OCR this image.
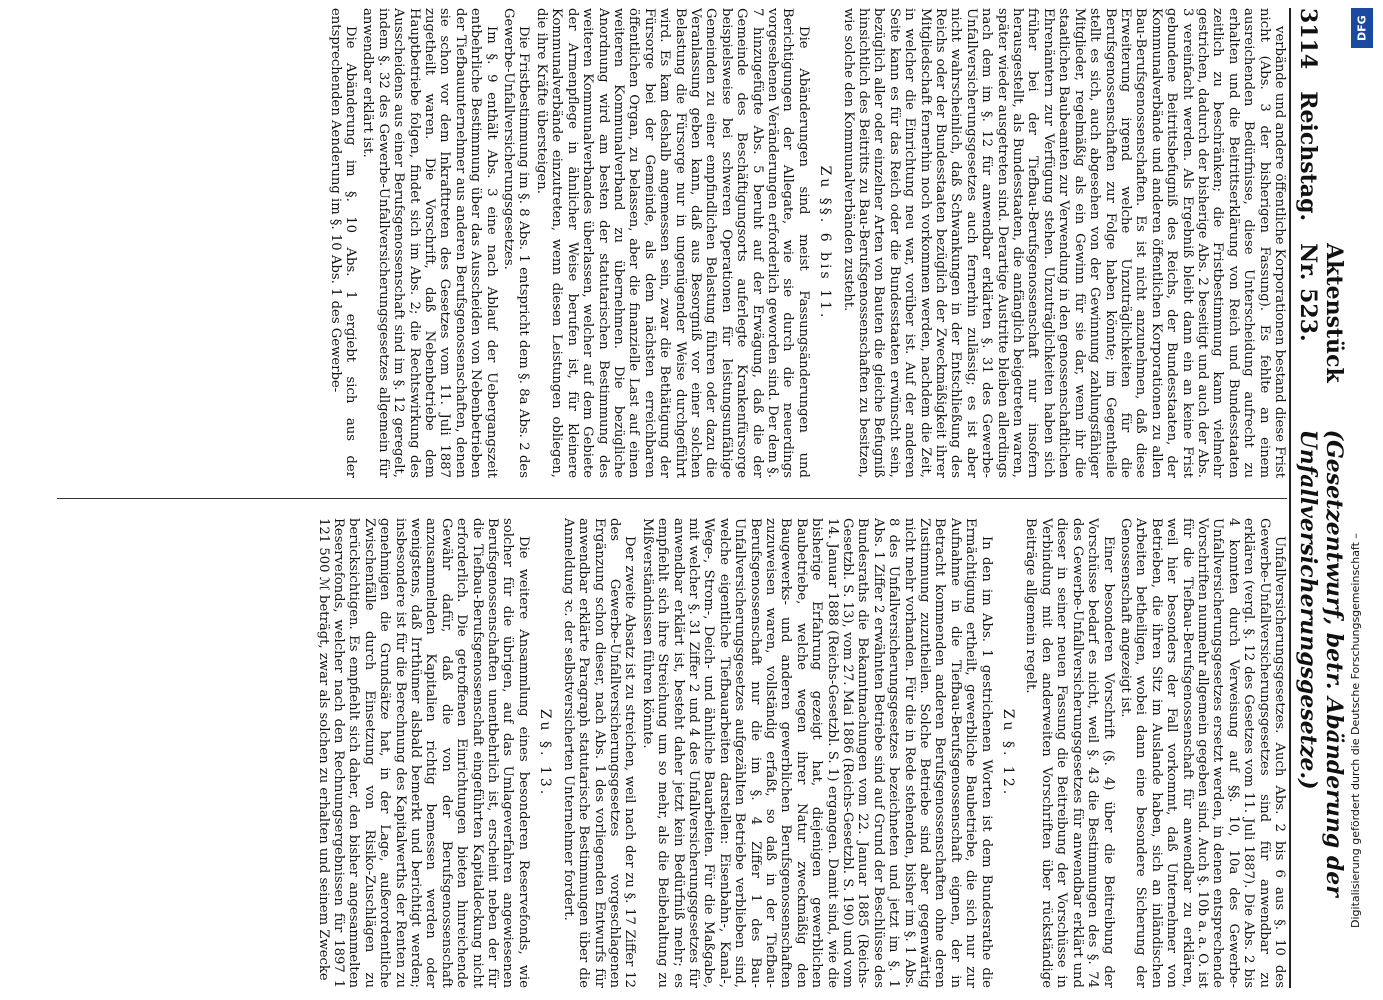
3114
Reichstag.
Aktenstück Nr. 523.
(Gesetzentwurf, betr. Abänderung der Unfallversicherungsgesetze.)

verbände und andere öffentliche Korporationen bestand diese Frist nicht (Abs. 3 der bisherigen Fassung). Es fehlte an einem ausreichenden Bedürfnisse, diese Unterscheidung aufrecht zu erhalten und die Beitrittserklärung von Reich und Bundesstaaten zeitlich zu beschränken; die Fristbestimmung kann vielmehr gestrichen, dadurch der bisherige Abs. 2 beseitigt und auch der Abs. 3 vereinfacht werden. Als Ergebniß bleibt dann ein an keine Frist gebundene Beitrittsbefugniß des Reichs, der Bundesstaaten, der Kommunalverbände und anderen öffentlichen Korporationen zu allen Bau-Berufsgenossenschaften. Es ist nicht anzunehmen, daß diese Erweiterung irgend welche Unzuträglichkeiten für die Berufsgenossenschaften zur Folge haben könnte; im Gegentheile stellt es sich, auch abgesehen von der Gewinnung zahlungsfähiger Mitglieder, regelmäßig als ein Gewinn für sie dar, wenn ihr die staatlichen Baubeamten zur Verwendung in den genossenschaftlichen Ehrenämtern zur Verfügung stehen. Unzuträglichkeiten haben sich früher bei der Tiefbau-Berufsgenossenschaft nur insofern herausgestellt, als Bundesstaaten, die anfänglich beigetreten waren, später wieder ausgetreten sind. Derartige Austritte bleiben allerdings nach dem im §. 12 für anwendbar erklärten §. 31 des Gewerbe-Unfallversicherungsgesetzes auch fernerhin zulässig; es ist aber nicht wahrscheinlich, daß Schwankungen in der Entschließung des Reichs oder der Bundesstaaten bezüglich der Zweckmäßigkeit ihrer Mitgliedschaft fernerhin noch vorkommen werden, nachdem die Zeit, in welcher die Einrichtung neu war, vorüber ist. Auf der anderen Seite kann es für das Reich oder die Bundesstaaten erwünscht sein, bezüglich aller oder einzelner Arten von Bauten die gleiche Befugniß hinsichtlich des Beitritts zu Bau-Berufsgenossenschaften zu besitzen, wie solche den Kommunalverbänden zusteht.

Zu §§. 6 bis 11.

Die Abänderungen sind meist Fassungsänderungen und Berichtigungen der Allegate, wie sie durch die neuerdings vorgesehenen Veränderungen erforderlich geworden sind. Der dem §. 7 hinzugefügte Abs. 5 beruht auf der Erwägung, daß die der Gemeinde des Beschäftigungsorts auferlegte Krankenfürsorge beispielsweise bei schweren Operationen für leistungsunfähige Gemeinden zu einer empfindlichen Belastung führen oder dazu die Veranlassung geben kann, daß aus Besorgniß vor einer solchen Belastung die Fürsorge nur in ungenügender Weise durchgeführt wird. Es kam deshalb angemessen sein, zwar die Bethätigung der Fürsorge bei der Gemeinde, als dem nächsten erreichbaren öffentlichen Organ, zu belassen, aber die finanzielle Last auf einen weiteren Kommunalverband zu übernehmen. Die bezügliche Anordnung wird am besten der statutarischen Bestimmung des weiteren Kommunalverbandes überlassen, welcher auf dem Gebiete der Armenpflege in ähnlicher Weise berufen ist, für kleinere Kommunalverbände einzutreten, wenn diesen Leistungen obliegen, die ihre Kräfte übersteigen.

Die Fristbestimmung im §. 8 Abs. 1 entspricht dem §. 8a Abs. 2 des Gewerbe-Unfallversicherungsgesetzes.

Im §. 9 enthält Abs. 3 eine nach Ablauf der Uebergangszeit entbehrliche Bestimmung über das Ausscheiden von Nebenbetrieben der Tiefbauunternehmer aus anderen Berufsgenossenschaften, denen sie schon vor dem Inkrafttreten des Gesetzes vom 11. Juli 1887 zugetheilt waren. Die Vorschrift, daß Nebenbetriebe dem Hauptbetriebe folgen, findet sich im Abs. 2; die Rechtswirkung des Ausscheidens aus einer Berufsgenossenschaft sind im §. 12 geregelt, indem §. 32 des Gewerbe-Unfallversicherungsgesetzes allgemein für anwendbar erklärt ist.

Die Abänderung im §. 10 Abs. 1 ergiebt sich aus der entsprechenden Aenderung im §. 10 Abs. 1 des Gewerbe-

Unfallversicherungsgesetzes. Auch Abs. 2 bis 6 aus §. 10 des Gewerbe-Unfallversicherungsgesetzes sind für anwendbar zu erklären (vergl. §. 12 des Gesetzes vom 11. Juli 1887). Die Abs. 2 bis 4 konnten durch Verweisung auf §§. 10, 10a des Gewerbe-Unfallversicherungsgesetzes ersetzt werden, in denen entsprechende Vorschriften nunmehr allgemein gegeben sind. Auch §. 10b a. a. O. ist für die Tiefbau-Berufsgenossenschaft für anwendbar zu erklären, weil hier besonders der Fall vorkommt, daß Unternehmer von Betrieben, die ihren Sitz im Auslande haben, sich an inländischen Arbeiten betheiligen, wobei dann eine besondere Sicherung der Genossenschaft angezeigt ist.

Einer besonderen Vorschrift (§. 4) über die Beitreibung der Vorschüsse bedarf es nicht, weil §. 43 die Bestimmungen des §. 74 des Gewerbe-Unfallversicherungsgesetzes für anwendbar erklärt und dieser in seiner neuen Fassung die Beitreibung der Vorschüsse in Verbindung mit den anderweiten Vorschriften über rückständige Beiträge allgemein regelt.

Zu §. 12.

In den im Abs. 1 gestrichenen Worten ist dem Bundesrathe die Ermächtigung ertheilt, gewerbliche Baubetriebe, die sich nur zur Aufnahme in die Tiefbau-Berufsgenossenschaft eignen, der in Betracht kommenden anderen Berufsgenossenschaften ohne deren Zustimmung zuzutheilen. Solche Betriebe sind aber gegenwärtig nicht mehr vorhanden. Für die in Rede stehenden, bisher im §. 1 Abs. 8 des Unfallversicherungsgesetzes bezeichneten und jetzt im §. 1 Abs. 1 Ziffer 2 erwähnten Betriebe sind auf Grund der Beschlüsse des Bundesraths die Bekanntmachungen vom 22. Januar 1885 (Reichs-Gesetzbl. S. 13), vom 27. Mai 1886 (Reichs-Gesetzbl. S. 190) und vom 14. Januar 1888 (Reichs-Gesetzbl. S. 1) ergangen. Damit sind, wie die bisherige Erfahrung gezeigt hat, diejenigen gewerblichen Baubetriebe, welche wegen ihrer Natur zweckmäßig den Baugewerks- und anderen gewerblichen Berufsgenossenschaften zuzuweisen waren, vollständig erfaßt, so daß in der Tiefbau-Berufsgenossenschaft nur die im §. 4 Ziffer 1 des Bau-Unfallversicherungsgesetzes aufgezählten Betriebe verblieben sind, welche eigentliche Tiefbauarbeiten darstellen: Eisenbahn-, Kanal-, Wege-, Strom-, Deich- und ähnliche Bauarbeiten. Für die Maßgabe, mit welcher §. 31 Ziffer 2 und 4 des Unfallversicherungsgesetzes für anwendbar erklärt ist, besteht daher jetzt kein Bedürfniß mehr; es empfiehlt sich ihre Streichung um so mehr, als die Beibehaltung zu Mißverständnissen führen könnte.

Der zweite Absatz ist zu streichen, weil nach der zu §. 17 Ziffer 12 des Gewerbe-Unfallversicherungsgesetzes vorgeschlagenen Ergänzung schon dieser, nach Abs. 1 des vorliegenden Entwurfs für anwendbar erklärte Paragraph statutarische Bestimmungen über die Anmeldung ꝛc. der selbstversicherten Unternehmer fordert.

Zu §. 13.

Die weitere Ansammlung eines besonderen Reservefonds, wie solcher für die übrigen, auf das Umlageverfahren angewiesenen Berufsgenossenschaften unentbehrlich ist, erscheint neben der für die Tiefbau-Berufsgenossenschaft eingeführten Kapitaldeckung nicht erforderlich. Die getroffenen Einrichtungen bieten hinreichende Gewähr dafür, daß die von der Berufsgenossenschaft anzusammelnden Kapitalien richtig bemessen werden oder wenigstens, daß Irrthümer alsbald bemerkt und berichtigt werden; insbesondere ist für die Berechnung des Kapitalwerths der Renten zu genehmigen die Grundsätze hat, in der Lage, außerordentliche Zwischenfälle durch Einsetzung von Risiko-Zuschlägen zu berücksichtigen. Es empfiehlt sich daher, den bisher angesammelten Reservefonds, welcher nach den Rechnungsergebnissen für 1897 1 121 500 ℳ beträgt, zwar als solchen zu erhalten und seinem Zwecke

DFG
Digitalisierung gefördert durch die Deutsche Forschungsgemeinschaft –
